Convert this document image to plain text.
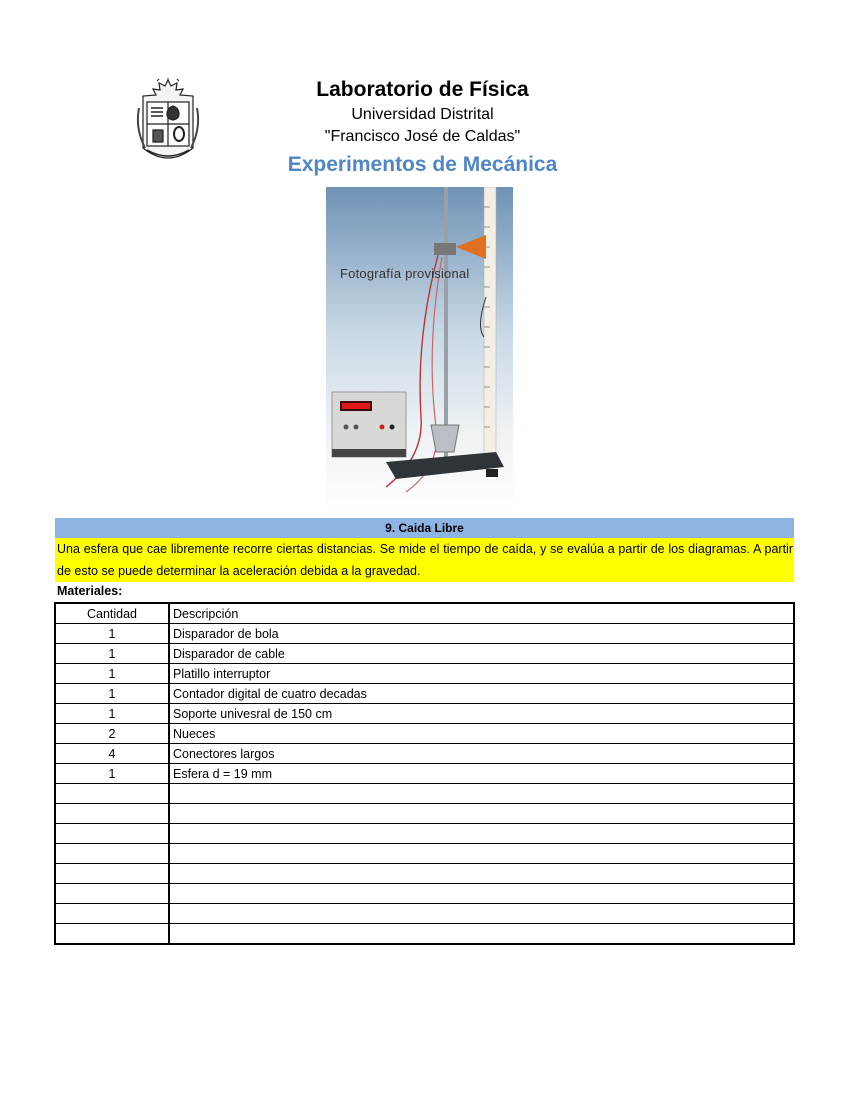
Laboratorio de Física
Universidad Distrital
"Francisco José de Caldas"
Experimentos de Mecánica
Fotografía provisional
9. Caida Libre
Una esfera que cae libremente recorre ciertas distancias. Se mide el tiempo de caída, y se evalúa a partir de los diagramas. A partir de esto se puede determinar la aceleración debida a la gravedad.
Materiales:
Cantidad	Descripción
1	Disparador de bola
1	Disparador de cable
1	Platillo interruptor
1	Contador digital de cuatro decadas
1	Soporte univesral de 150 cm
2	Nueces
4	Conectores largos
1	Esfera d = 19 mm
